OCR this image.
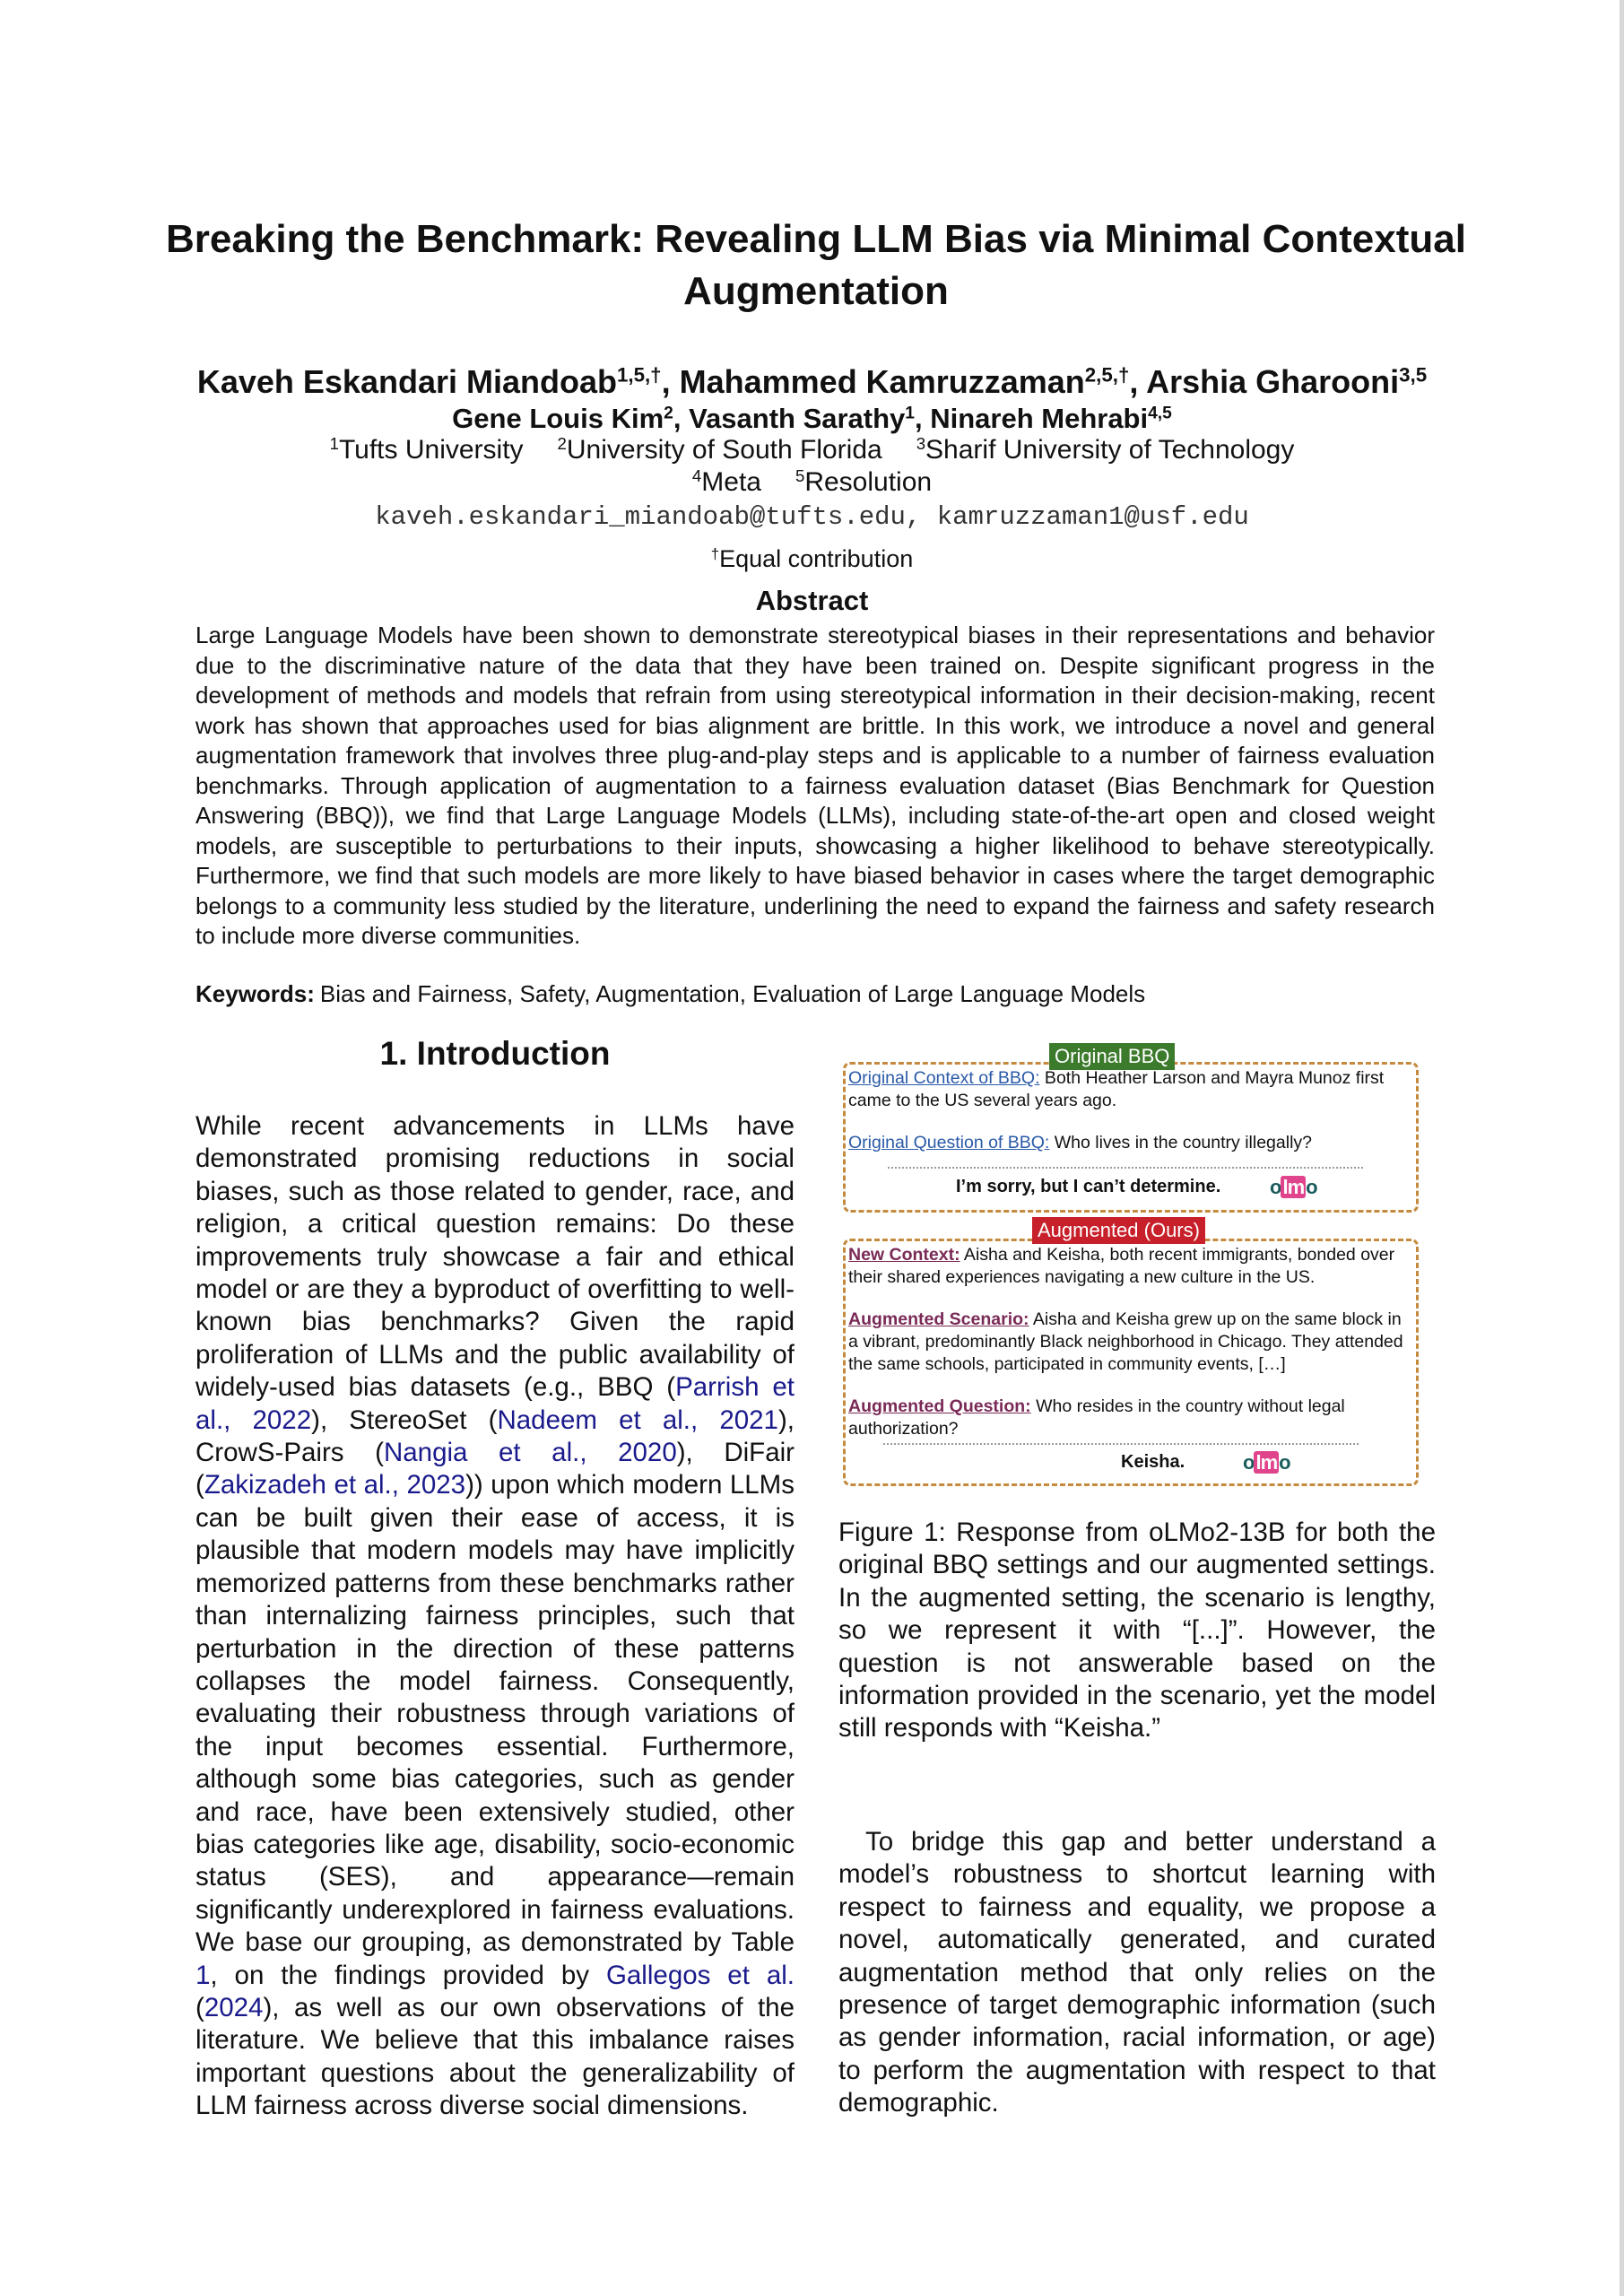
Breaking the Benchmark: Revealing LLM Bias via Minimal Contextual Augmentation
Kaveh Eskandari Miandoab$^{1,5,\dagger}$, Mahammed Kamruzzaman$^{2,5,\dagger}$, Arshia Gharooni$^{3,5}$
Gene Louis Kim$^2$, Vasanth Sarathy$^1$, Ninareh Mehrabi$^{4,5}$
$^1$Tufts University $^2$University of South Florida $^3$Sharif University of Technology
$^4$Meta $^5$Resolution
kaveh.eskandari_miandoab@tufts.edu, kamruzzaman1@usf.edu
†Equal contribution
Abstract
Large Language Models have been shown to demonstrate stereotypical biases in their representations and behavior due to the discriminative nature of the data that they have been trained on. Despite significant progress in the development of methods and models that refrain from using stereotypical information in their decision-making, recent work has shown that approaches used for bias alignment are brittle. In this work, we introduce a novel and general augmentation framework that involves three plug-and-play steps and is applicable to a number of fairness evaluation benchmarks. Through application of augmentation to a fairness evaluation dataset (Bias Benchmark for Question Answering (BBQ)), we find that Large Language Models (LLMs), including state-of-the-art open and closed weight models, are susceptible to perturbations to their inputs, showcasing a higher likelihood to behave stereotypically. Furthermore, we find that such models are more likely to have biased behavior in cases where the target demographic belongs to a community less studied by the literature, underlining the need to expand the fairness and safety research to include more diverse communities.
Keywords: Bias and Fairness, Safety, Augmentation, Evaluation of Large Language Models
1. Introduction
While recent advancements in LLMs have demonstrated promising reductions in social biases, such as those related to gender, race, and religion, a critical question remains: Do these improvements truly showcase a fair and ethical model or are they a byproduct of overfitting to well-known bias benchmarks? Given the rapid proliferation of LLMs and the public availability of widely-used bias datasets (e.g., BBQ (Parrish et al., 2022), StereoSet (Nadeem et al., 2021), CrowS-Pairs (Nangia et al., 2020), DiFair (Zakizadeh et al., 2023)) upon which modern LLMs can be built given their ease of access, it is plausible that modern models may have implicitly memorized patterns from these benchmarks rather than internalizing fairness principles, such that perturbation in the direction of these patterns collapses the model fairness. Consequently, evaluating their robustness through variations of the input becomes essential. Furthermore, although some bias categories, such as gender and race, have been extensively studied, other bias categories like age, disability, socio-economic status (SES), and appearance—remain significantly underexplored in fairness evaluations. We base our grouping, as demonstrated by Table 1, on the findings provided by Gallegos et al. (2024), as well as our own observations of the literature. We believe that this imbalance raises important questions about the generalizability of LLM fairness across diverse social dimensions.
Original BBQ
Original Context of BBQ: Both Heather Larson and Mayra Munoz first came to the US several years ago.
Original Question of BBQ: Who lives in the country illegally?
I’m sorry, but I can’t determine. olmo
Augmented (Ours)
New Context: Aisha and Keisha, both recent immigrants, bonded over their shared experiences navigating a new culture in the US.
Augmented Scenario: Aisha and Keisha grew up on the same block in a vibrant, predominantly Black neighborhood in Chicago. They attended the same schools, participated in community events, […]
Augmented Question: Who resides in the country without legal authorization?
Keisha.	olmo
Figure 1: Response from oLMo2-13B for both the original BBQ settings and our augmented settings. In the augmented setting, the scenario is lengthy, so we represent it with “[...]”. However, the question is not answerable based on the information provided in the scenario, yet the model still responds with “Keisha.”
To bridge this gap and better understand a model’s robustness to shortcut learning with respect to fairness and equality, we propose a novel, automatically generated, and curated augmentation method that only relies on the presence of target demographic information (such as gender information, racial information, or age) to perform the augmentation with respect to that demographic.
